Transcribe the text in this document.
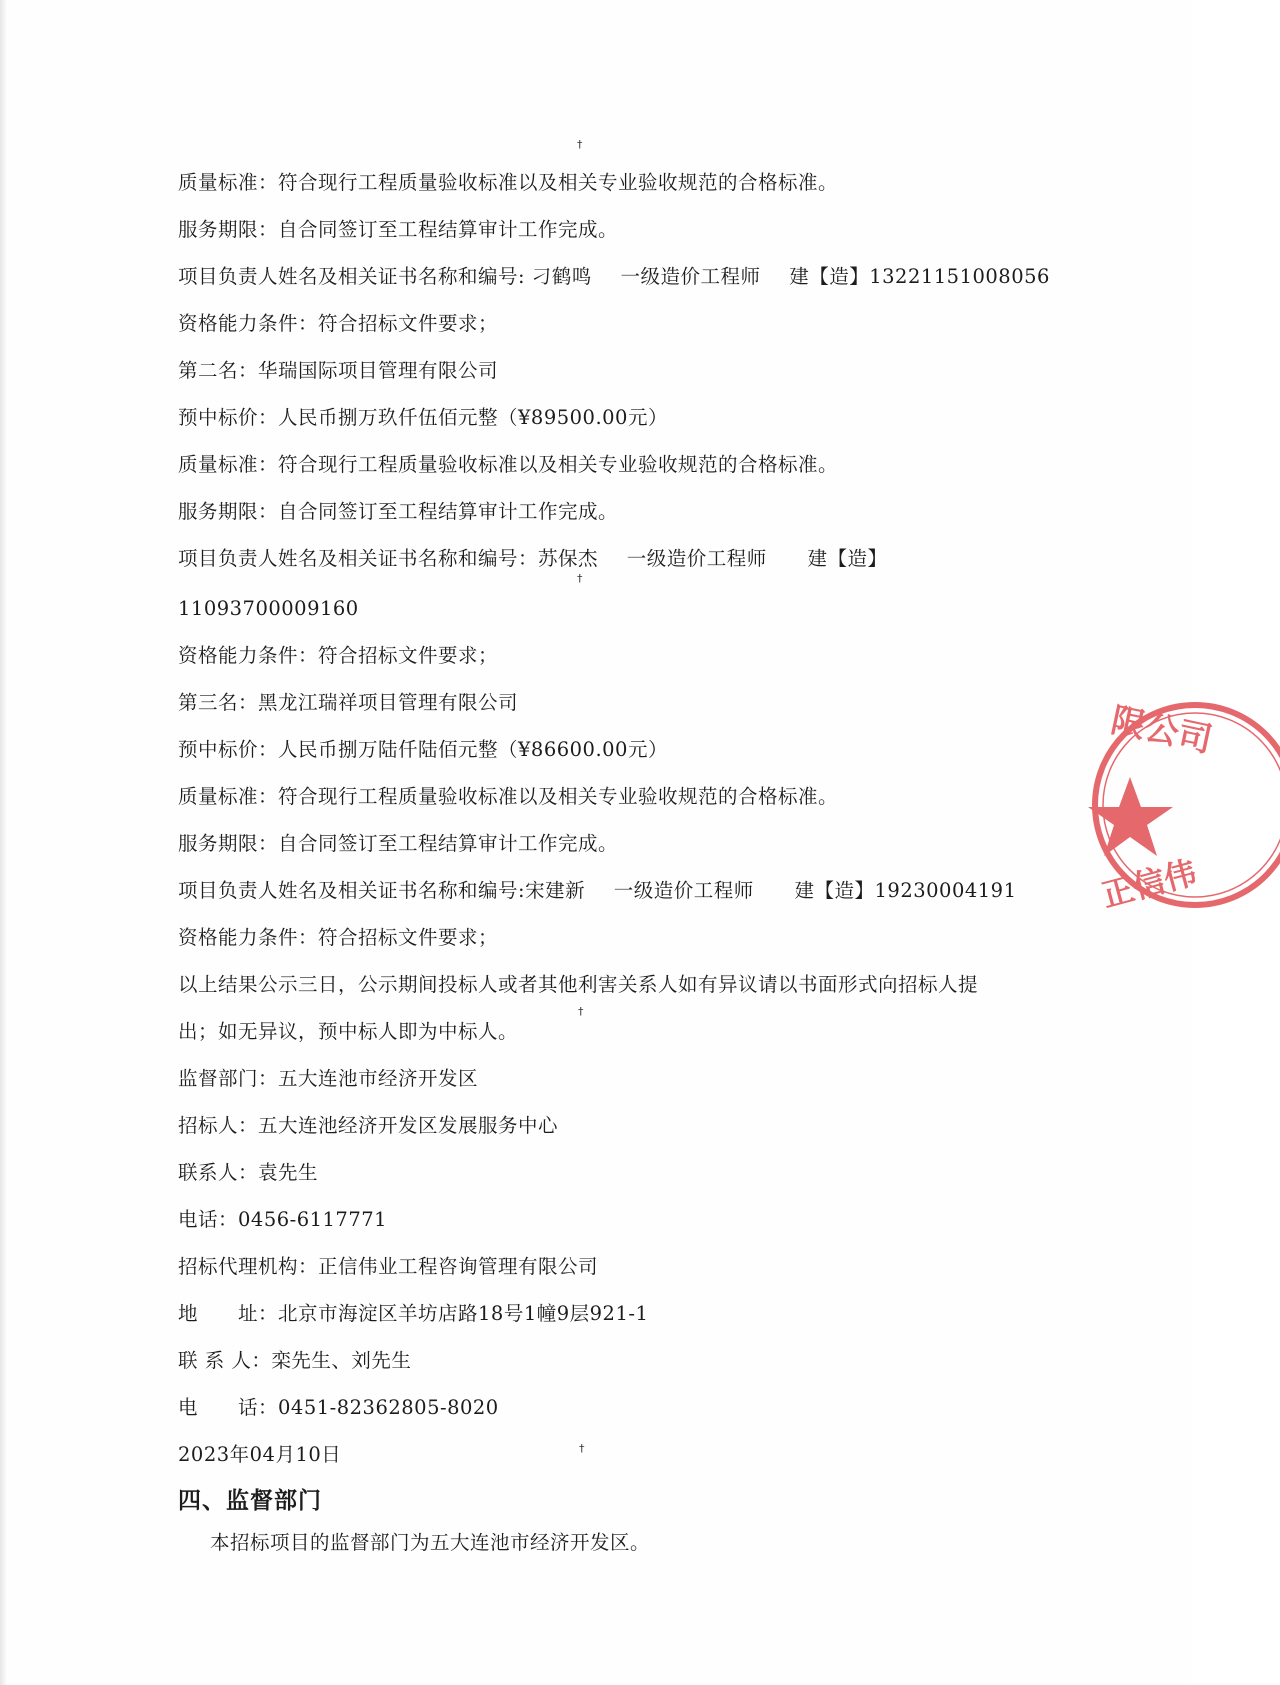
†
†
†
†
质量标准：符合现行工程质量验收标准以及相关专业验收规范的合格标准。
服务期限：自合同签订至工程结算审计工作完成。
项目负责人姓名及相关证书名称和编号: 刁鹤鸣 一级造价工程师 建【造】13221151008056
资格能力条件：符合招标文件要求；
第二名：华瑞国际项目管理有限公司
预中标价：人民币捌万玖仟伍佰元整（¥89500.00元）
质量标准：符合现行工程质量验收标准以及相关专业验收规范的合格标准。
服务期限：自合同签订至工程结算审计工作完成。
项目负责人姓名及相关证书名称和编号：苏保杰 一级造价工程师 建【造】
11093700009160
资格能力条件：符合招标文件要求；
第三名：黑龙江瑞祥项目管理有限公司
预中标价：人民币捌万陆仟陆佰元整（¥86600.00元）
质量标准：符合现行工程质量验收标准以及相关专业验收规范的合格标准。
服务期限：自合同签订至工程结算审计工作完成。
项目负责人姓名及相关证书名称和编号:宋建新 一级造价工程师 建【造】19230004191
资格能力条件：符合招标文件要求；
以上结果公示三日，公示期间投标人或者其他利害关系人如有异议请以书面形式向招标人提
出；如无异议，预中标人即为中标人。
监督部门：五大连池市经济开发区
招标人：五大连池经济开发区发展服务中心
联系人：袁先生
电话：0456-6117771
招标代理机构：正信伟业工程咨询管理有限公司
地　　址：北京市海淀区羊坊店路18号1幢9层921-1
联 系 人：栾先生、刘先生
电　　话：0451-82362805-8020
2023年04月10日
四、监督部门
本招标项目的监督部门为五大连池市经济开发区。
限公司
正信伟
